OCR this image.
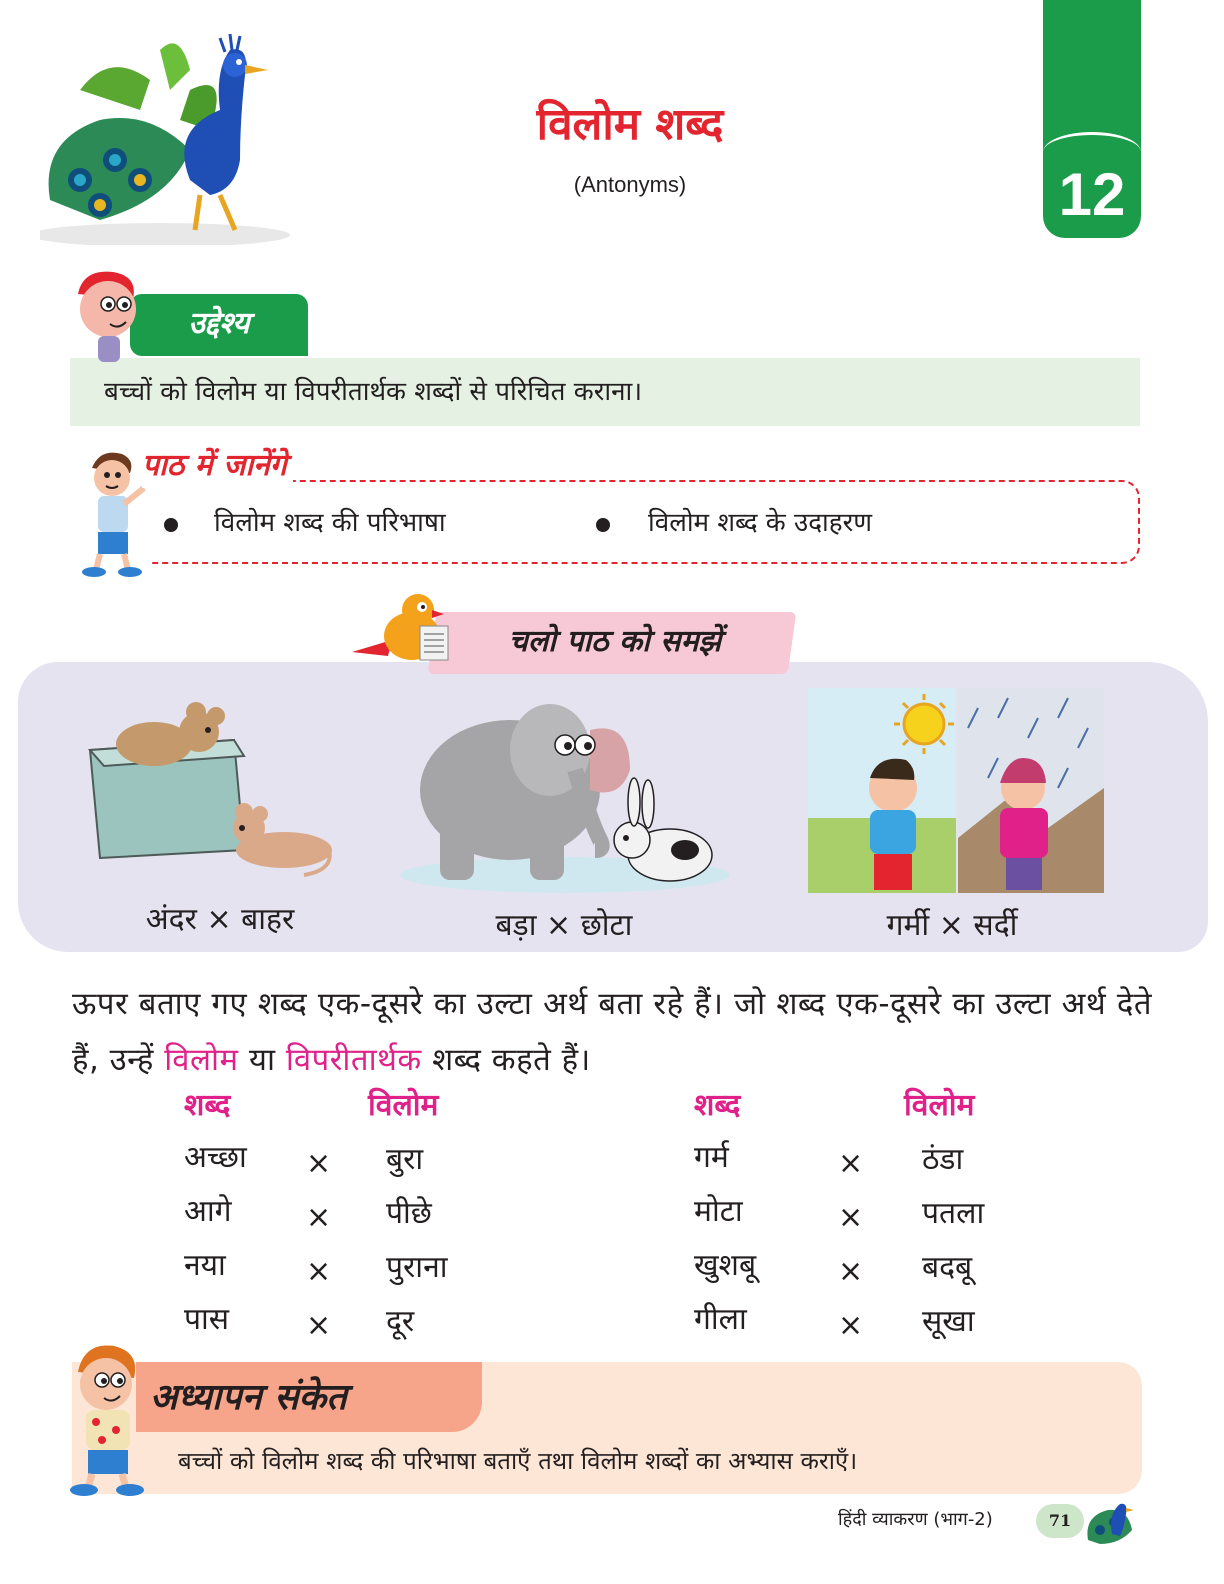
12
विलोम शब्द
(Antonyms)
उद्देश्य
बच्चों को विलोम या विपरीतार्थक शब्दों से परिचित कराना।
पाठ में जानेंगे
विलोम शब्द की परिभाषा	विलोम शब्द के उदाहरण
चलो पाठ को समझें
अंदर × बाहर	बड़ा × छोटा	गर्मी × सर्दी
ऊपर बताए गए शब्द एक-दूसरे का उल्टा अर्थ बता रहे हैं। जो शब्द एक-दूसरे का उल्टा अर्थ देते हैं, उन्हें विलोम या विपरीतार्थक शब्द कहते हैं।
शब्द	विलोम
अच्छा × बुरा
आगे × पीछे
नया	× पुराना
पास	× दूर
शब्द	विलोम
गर्म	× ठंडा
मोटा	× पतला
खुशबू	× बदबू
गीला	× सूखा
अध्यापन संकेत
बच्चों को विलोम शब्द की परिभाषा बताएँ तथा विलोम शब्दों का अभ्यास कराएँ।
हिंदी व्याकरण (भाग-2)	71
